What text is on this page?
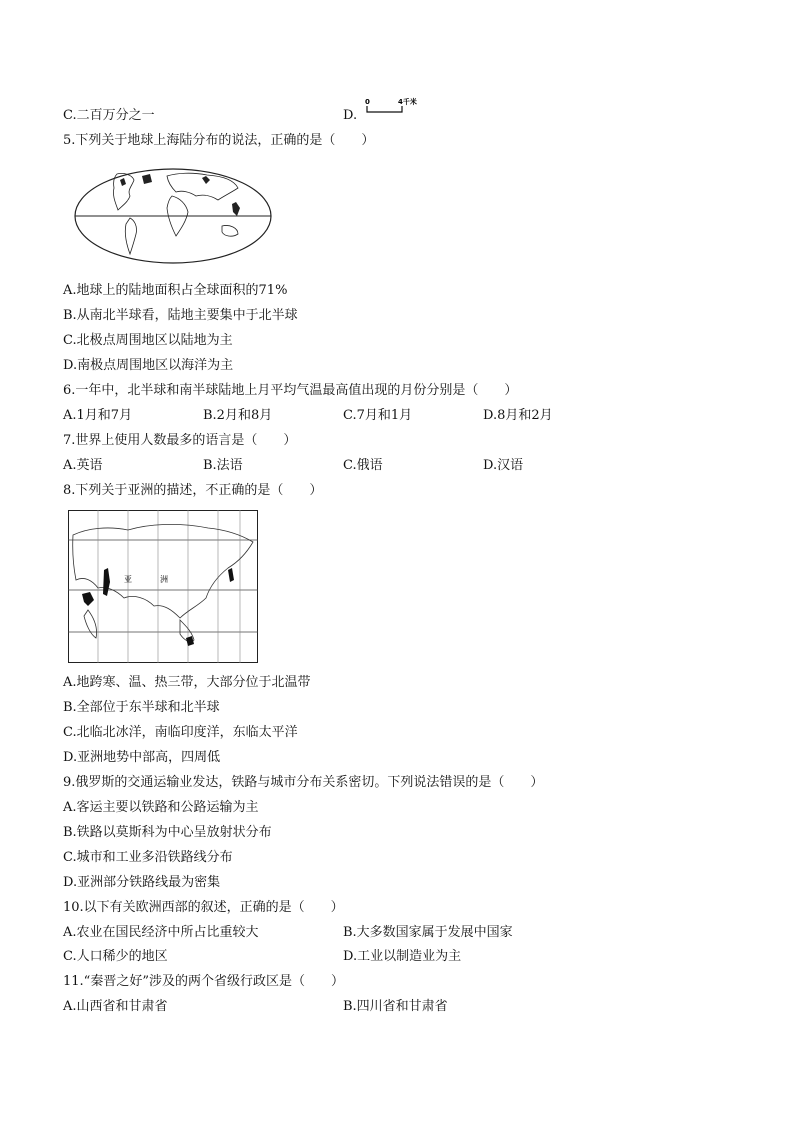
C.二百万分之一	D.
0	4千米
5.下列关于地球上海陆分布的说法，正确的是（　　）
A.地球上的陆地面积占全球面积的71%
B.从南北半球看，陆地主要集中于北半球
C.北极点周围地区以陆地为主
D.南极点周围地区以海洋为主
6.一年中，北半球和南半球陆地上月平均气温最高值出现的月份分别是（　　）
A.1月和7月	B.2月和8月	C.7月和1月	D.8月和2月
7.世界上使用人数最多的语言是（　　）
A.英语	B.法语	C.俄语	D.汉语
8.下列关于亚洲的描述，不正确的是（　　）
亚	洲
A.地跨寒、温、热三带，大部分位于北温带
B.全部位于东半球和北半球
C.北临北冰洋，南临印度洋，东临太平洋
D.亚洲地势中部高，四周低
9.俄罗斯的交通运输业发达，铁路与城市分布关系密切。下列说法错误的是（　　）
A.客运主要以铁路和公路运输为主
B.铁路以莫斯科为中心呈放射状分布
C.城市和工业多沿铁路线分布
D.亚洲部分铁路线最为密集
10.以下有关欧洲西部的叙述，正确的是（　　）
A.农业在国民经济中所占比重较大	B.大多数国家属于发展中国家
C.人口稀少的地区	D.工业以制造业为主
11.“秦晋之好”涉及的两个省级行政区是（　　）
A.山西省和甘肃省	B.四川省和甘肃省
